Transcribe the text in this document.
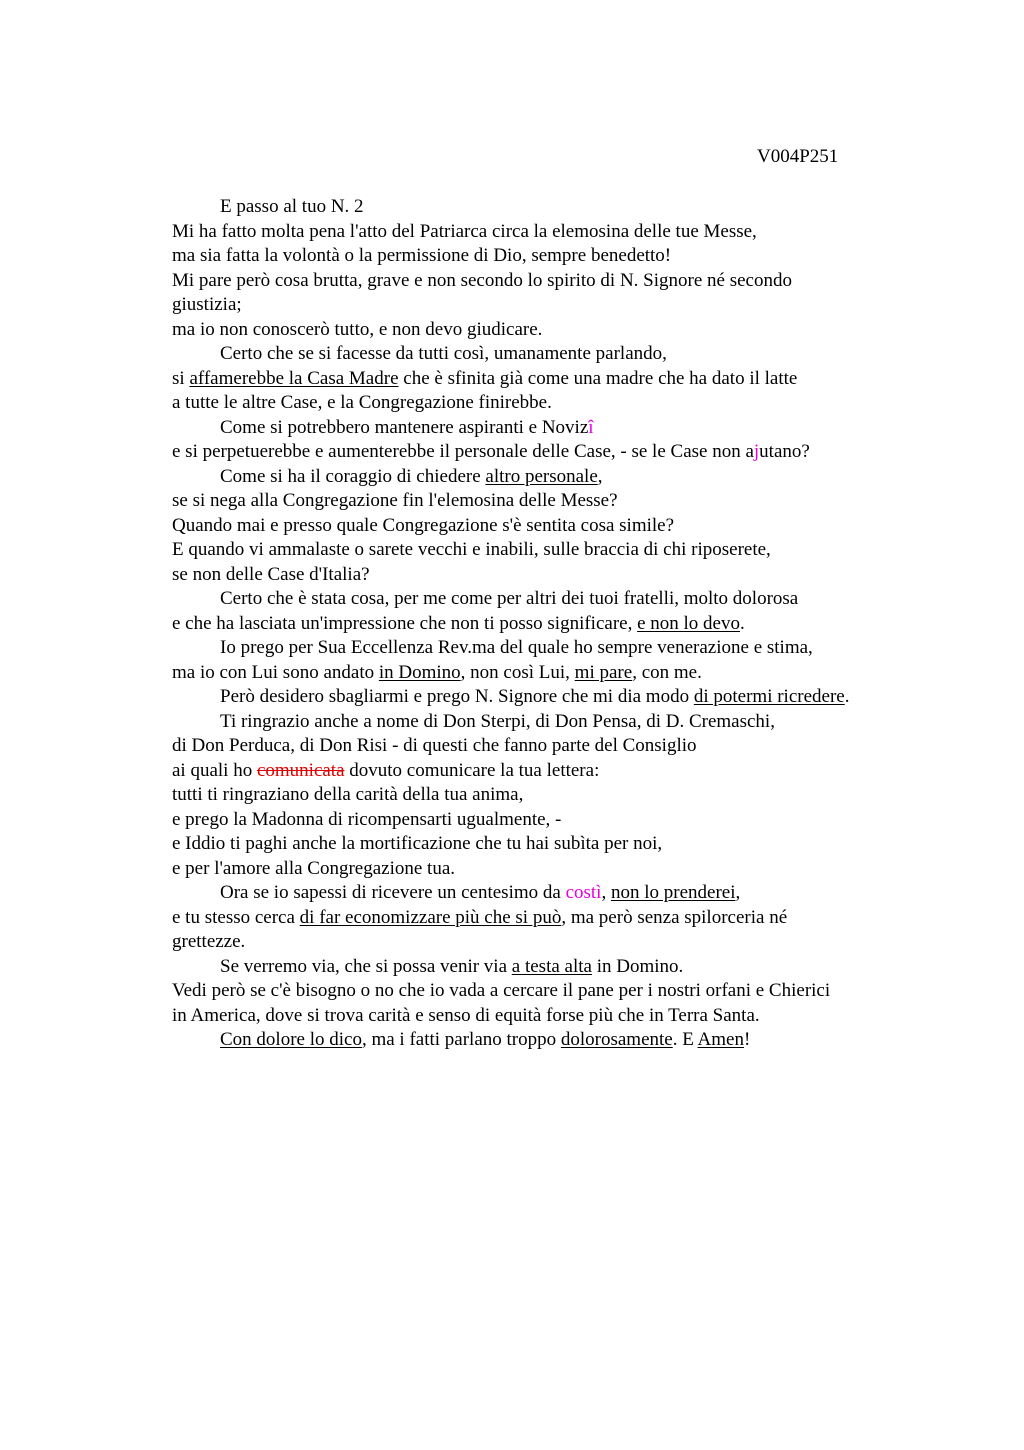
V004P251
E passo al tuo N. 2
Mi ha fatto molta pena l'atto del Patriarca circa la elemosina delle tue Messe,
ma sia fatta la volontà o la permissione di Dio, sempre benedetto!
Mi pare però cosa brutta, grave e non secondo lo spirito di N. Signore né secondo
giustizia;
ma io non conoscerò tutto, e non devo giudicare.
Certo che se si facesse da tutti così, umanamente parlando,
si affamerebbe la Casa Madre che è sfinita già come una madre che ha dato il latte
a tutte le altre Case, e la Congregazione finirebbe.
Come si potrebbero mantenere aspiranti e Novizî
e si perpetuerebbe e aumenterebbe il personale delle Case, - se le Case non ajutano?
Come si ha il coraggio di chiedere altro personale,
se si nega alla Congregazione fin l'elemosina delle Messe?
Quando mai e presso quale Congregazione s'è sentita cosa simile?
E quando vi ammalaste o sarete vecchi e inabili, sulle braccia di chi riposerete,
se non delle Case d'Italia?
Certo che è stata cosa, per me come per altri dei tuoi fratelli, molto dolorosa
e che ha lasciata un'impressione che non ti posso significare, e non lo devo.
Io prego per Sua Eccellenza Rev.ma del quale ho sempre venerazione e stima,
ma io con Lui sono andato in Domino, non così Lui, mi pare, con me.
Però desidero sbagliarmi e prego N. Signore che mi dia modo di potermi ricredere.
Ti ringrazio anche a nome di Don Sterpi, di Don Pensa, di D. Cremaschi,
di Don Perduca, di Don Risi - di questi che fanno parte del Consiglio
ai quali ho comunicata dovuto comunicare la tua lettera:
tutti ti ringraziano della carità della tua anima,
e prego la Madonna di ricompensarti ugualmente, -
e Iddio ti paghi anche la mortificazione che tu hai subìta per noi,
e per l'amore alla Congregazione tua.
Ora se io sapessi di ricevere un centesimo da costì, non lo prenderei,
e tu stesso cerca di far economizzare più che si può, ma però senza spilorceria né
grettezze.
Se verremo via, che si possa venir via a testa alta in Domino.
Vedi però se c'è bisogno o no che io vada a cercare il pane per i nostri orfani e Chierici
in America, dove si trova carità e senso di equità forse più che in Terra Santa.
Con dolore lo dico, ma i fatti parlano troppo dolorosamente. E Amen!
